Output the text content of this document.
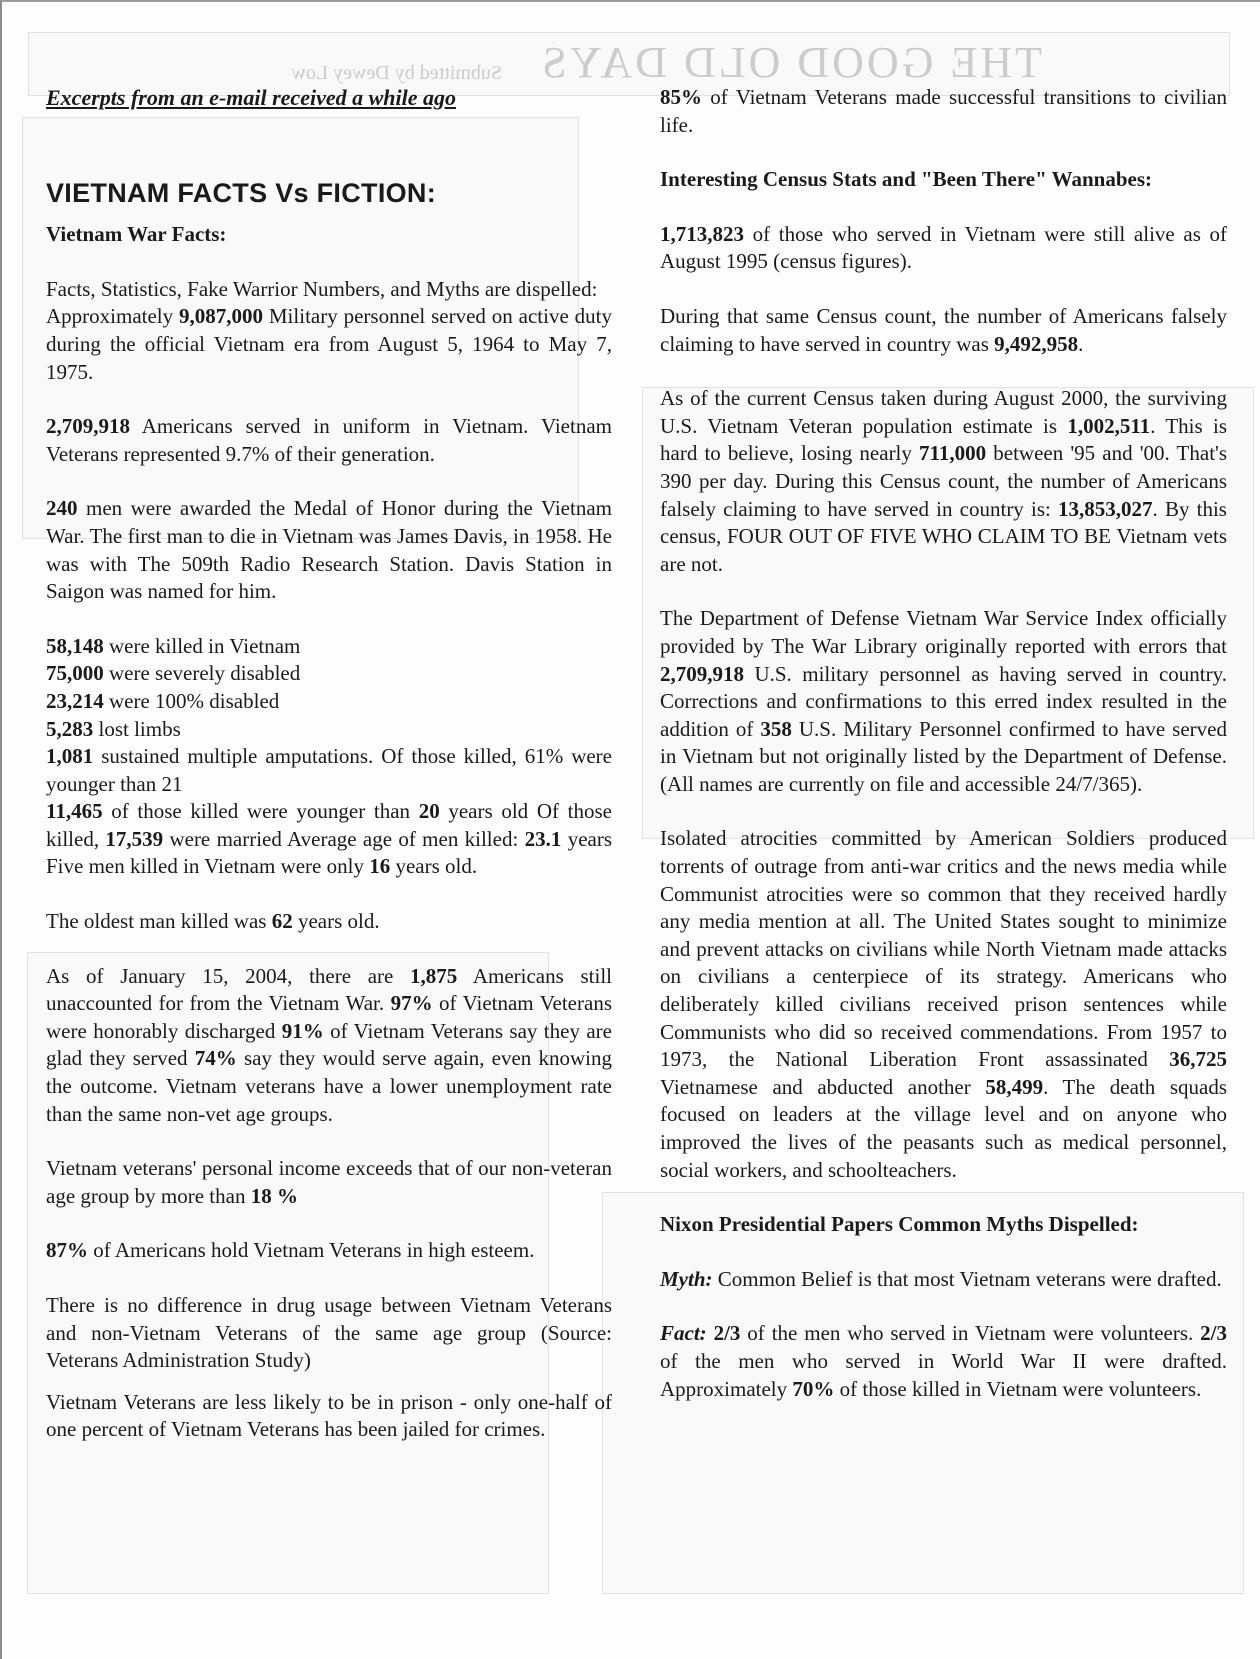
THE GOOD OLD DAYS
Submitted by Dewey Low

Excerpts from an e-mail received a while ago

VIETNAM FACTS Vs FICTION:

Vietnam War Facts:

Facts, Statistics, Fake Warrior Numbers, and Myths are dispelled:

Approximately 9,087,000 Military personnel served on active duty during the official Vietnam era from August 5, 1964 to May 7, 1975.

2,709,918 Americans served in uniform in Vietnam. Vietnam Veterans represented 9.7% of their generation.

240 men were awarded the Medal of Honor during the Vietnam War. The first man to die in Vietnam was James Davis, in 1958. He was with The 509th Radio Research Station. Davis Station in Saigon was named for him.

58,148 were killed in Vietnam
75,000 were severely disabled
23,214 were 100% disabled
5,283 lost limbs
1,081 sustained multiple amputations. Of those killed, 61% were younger than 21
11,465 of those killed were younger than 20 years old Of those killed, 17,539 were married Average age of men killed: 23.1 years Five men killed in Vietnam were only 16 years old.

The oldest man killed was 62 years old.

As of January 15, 2004, there are 1,875 Americans still unaccounted for from the Vietnam War. 97% of Vietnam Veterans were honorably discharged 91% of Vietnam Veterans say they are glad they served 74% say they would serve again, even knowing the outcome. Vietnam veterans have a lower unemployment rate than the same non-vet age groups.

Vietnam veterans' personal income exceeds that of our non-veteran age group by more than 18 %

87% of Americans hold Vietnam Veterans in high esteem.

There is no difference in drug usage between Vietnam Veterans and non-Vietnam Veterans of the same age group (Source: Veterans Administration Study)

Vietnam Veterans are less likely to be in prison - only one-half of one percent of Vietnam Veterans has been jailed for crimes.

85% of Vietnam Veterans made successful transitions to civilian life.

Interesting Census Stats and "Been There" Wannabes:

1,713,823 of those who served in Vietnam were still alive as of August 1995 (census figures).

During that same Census count, the number of Americans falsely claiming to have served in country was 9,492,958.

As of the current Census taken during August 2000, the surviving U.S. Vietnam Veteran population estimate is 1,002,511. This is hard to believe, losing nearly 711,000 between '95 and '00. That's 390 per day. During this Census count, the number of Americans falsely claiming to have served in country is: 13,853,027. By this census, FOUR OUT OF FIVE WHO CLAIM TO BE Vietnam vets are not.

The Department of Defense Vietnam War Service Index officially provided by The War Library originally reported with errors that 2,709,918 U.S. military personnel as having served in country. Corrections and confirmations to this erred index resulted in the addition of 358 U.S. Military Personnel confirmed to have served in Vietnam but not originally listed by the Department of Defense. (All names are currently on file and accessible 24/7/365).

Isolated atrocities committed by American Soldiers produced torrents of outrage from anti-war critics and the news media while Communist atrocities were so common that they received hardly any media mention at all. The United States sought to minimize and prevent attacks on civilians while North Vietnam made attacks on civilians a centerpiece of its strategy. Americans who deliberately killed civilians received prison sentences while Communists who did so received commendations. From 1957 to 1973, the National Liberation Front assassinated 36,725 Vietnamese and abducted another 58,499. The death squads focused on leaders at the village level and on anyone who improved the lives of the peasants such as medical personnel, social workers, and schoolteachers.

Nixon Presidential Papers Common Myths Dispelled:

Myth: Common Belief is that most Vietnam veterans were drafted.

Fact: 2/3 of the men who served in Vietnam were volunteers. 2/3 of the men who served in World War II were drafted. Approximately 70% of those killed in Vietnam were volunteers.
